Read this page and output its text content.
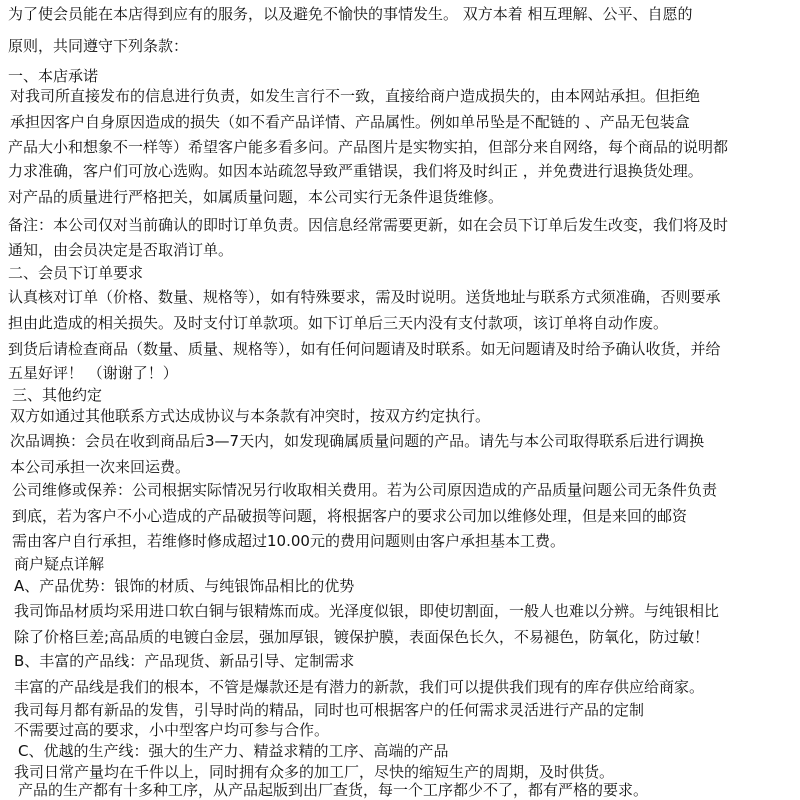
为了使会员能在本店得到应有的服务，以及避免不愉快的事情发生。 双方本着 相互理解、公平、自愿的
原则，共同遵守下列条款：
一、本店承诺
对我司所直接发布的信息进行负责，如发生言行不一致，直接给商户造成损失的，由本网站承担。但拒绝
承担因客户自身原因造成的损失（如不看产品详情、产品属性。例如单吊坠是不配链的 、产品无包装盒
产品大小和想象不一样等）希望客户能多看多问。产品图片是实物实拍，但部分来自网络，每个商品的说明都
力求准确，客户们可放心选购。如因本站疏忽导致严重错误，我们将及时纠正 ，并免费进行退换货处理。
对产品的质量进行严格把关，如属质量问题，本公司实行无条件退货维修。
备注：本公司仅对当前确认的即时订单负责。因信息经常需要更新，如在会员下订单后发生改变，我们将及时
通知，由会员决定是否取消订单。
二、会员下订单要求
认真核对订单（价格、数量、规格等），如有特殊要求，需及时说明。送货地址与联系方式须准确，否则要承
担由此造成的相关损失。及时支付订单款项。如下订单后三天内没有支付款项，该订单将自动作废。
到货后请检查商品（数量、质量、规格等），如有任何问题请及时联系。如无问题请及时给予确认收货，并给
五星好评！ （谢谢了！）
三、其他约定
双方如通过其他联系方式达成协议与本条款有冲突时，按双方约定执行。
次品调换：会员在收到商品后3—7天内，如发现确属质量问题的产品。请先与本公司取得联系后进行调换
本公司承担一次来回运费。
公司维修或保养：公司根据实际情况另行收取相关费用。若为公司原因造成的产品质量问题公司无条件负责
到底，若为客户不小心造成的产品破损等问题，将根据客户的要求公司加以维修处理，但是来回的邮资
需由客户自行承担，若维修时修成超过10.00元的费用问题则由客户承担基本工费。
商户疑点详解
A、产品优势：银饰的材质、与纯银饰品相比的优势
我司饰品材质均采用进口软白铜与银精炼而成。光泽度似银，即使切割面，一般人也难以分辨。与纯银相比
除了价格巨差;高品质的电镀白金层，强加厚银，镀保护膜，表面保色长久，不易褪色，防氧化，防过敏！
B、丰富的产品线：产品现货、新品引导、定制需求
丰富的产品线是我们的根本，不管是爆款还是有潜力的新款，我们可以提供我们现有的库存供应给商家。
我司每月都有新品的发售，引导时尚的精品，同时也可根据客户的任何需求灵活进行产品的定制
不需要过高的要求，小中型客户均可参与合作。
C、优越的生产线：强大的生产力、精益求精的工序、高端的产品
我司日常产量均在千件以上，同时拥有众多的加工厂，尽快的缩短生产的周期，及时供货。
产品的生产都有十多种工序，从产品起版到出厂查货，每一个工序都少不了，都有严格的要求。
